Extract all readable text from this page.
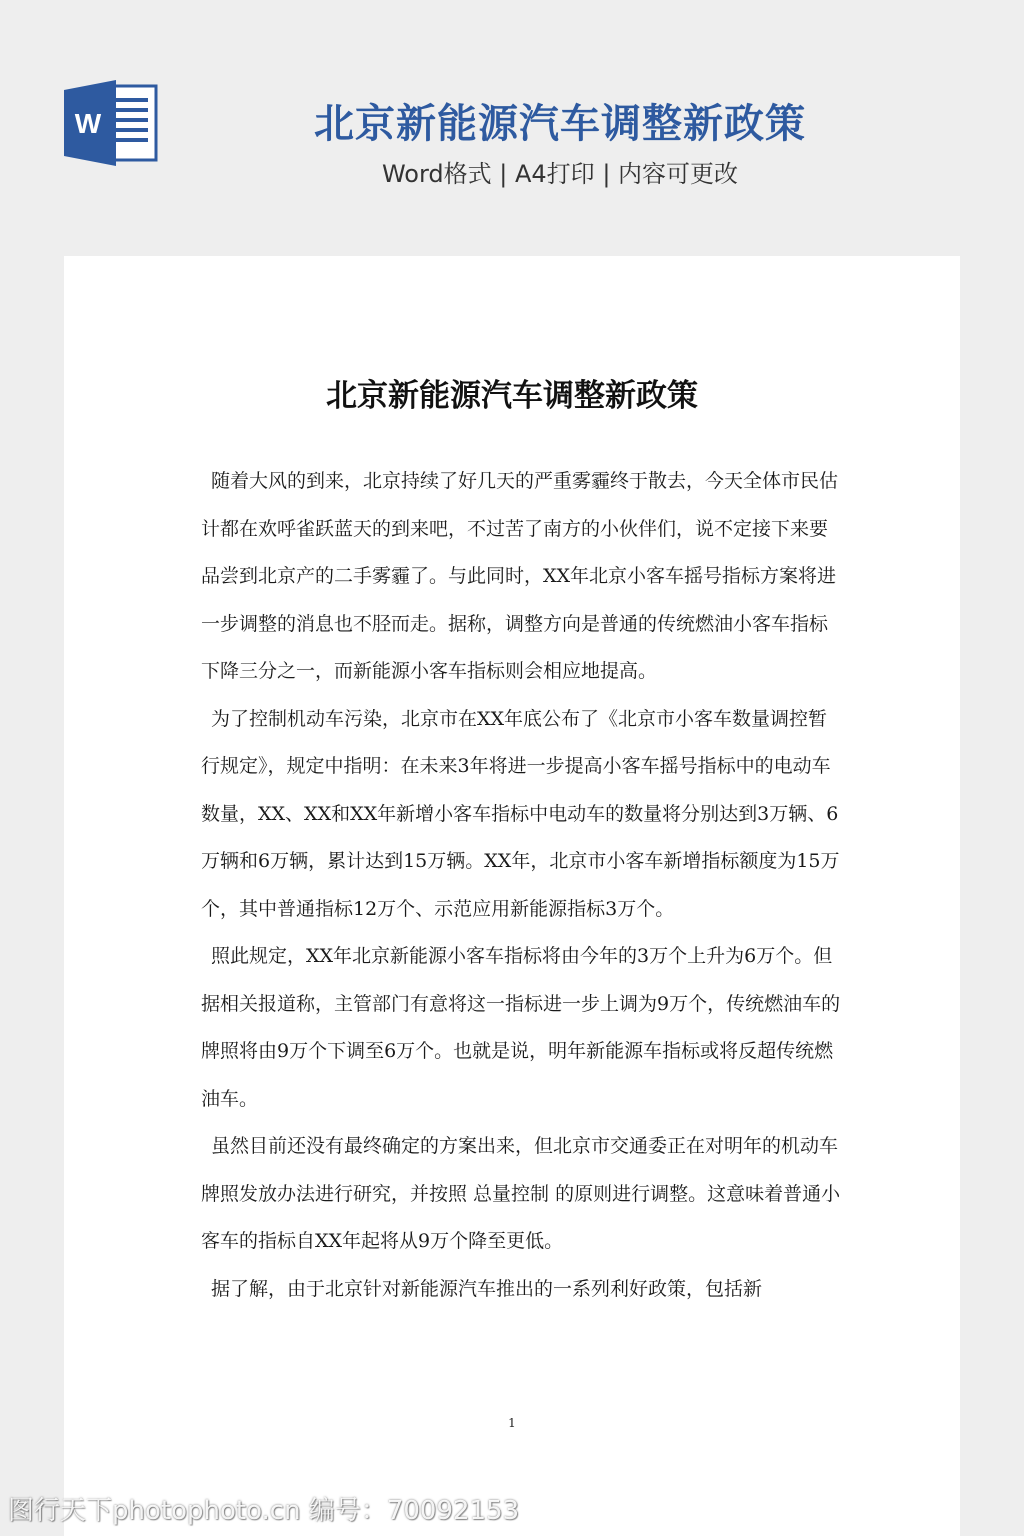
W	北京新能源汽车调整新政策
Word格式 | A4打印 | 内容可更改
北京新能源汽车调整新政策

随着大风的到来，北京持续了好几天的严重雾霾终于散去，今天全体市民估计都在欢呼雀跃蓝天的到来吧，不过苦了南方的小伙伴们，说不定接下来要品尝到北京产的二手雾霾了。与此同时，XX年北京小客车摇号指标方案将进一步调整的消息也不胫而走。据称，调整方向是普通的传统燃油小客车指标下降三分之一，而新能源小客车指标则会相应地提高。

为了控制机动车污染，北京市在XX年底公布了《北京市小客车数量调控暂行规定》，规定中指明：在未来3年将进一步提高小客车摇号指标中的电动车数量，XX、XX和XX年新增小客车指标中电动车的数量将分别达到3万辆、6万辆和6万辆，累计达到15万辆。XX年，北京市小客车新增指标额度为15万个，其中普通指标12万个、示范应用新能源指标3万个。

照此规定，XX年北京新能源小客车指标将由今年的3万个上升为6万个。但据相关报道称，主管部门有意将这一指标进一步上调为9万个，传统燃油车的牌照将由9万个下调至6万个。也就是说，明年新能源车指标或将反超传统燃油车。

虽然目前还没有最终确定的方案出来，但北京市交通委正在对明年的机动车牌照发放办法进行研究，并按照 总量控制 的原则进行调整。这意味着普通小客车的指标自XX年起将从9万个降至更低。

据了解，由于北京针对新能源汽车推出的一系列利好政策，包括新

1
图行天下photophoto.cn 编号：70092153
